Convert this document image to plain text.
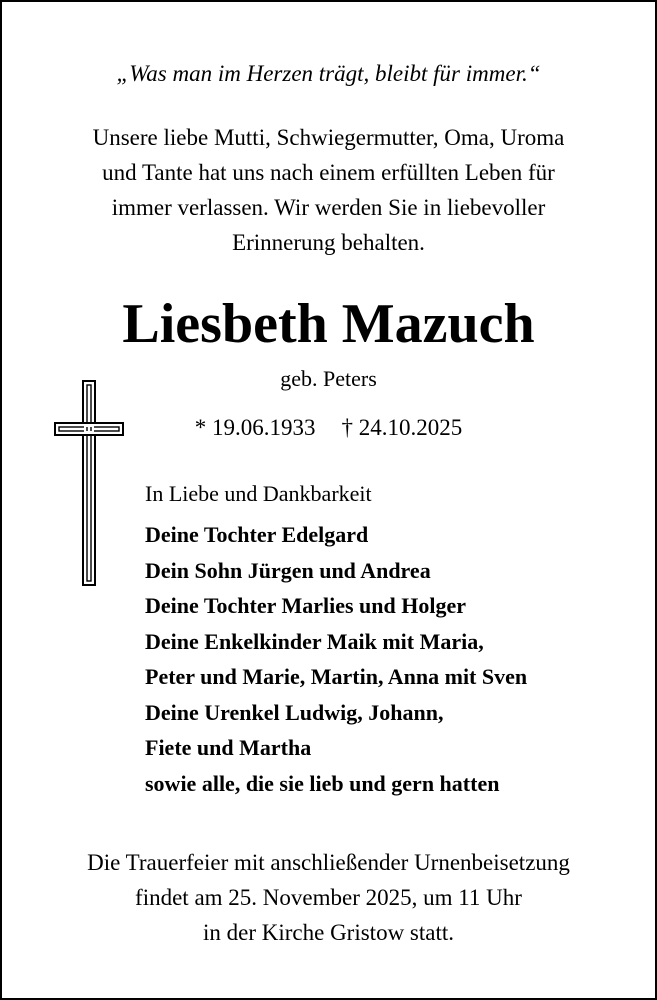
„Was man im Herzen trägt, bleibt für immer.“
Unsere liebe Mutti, Schwiegermutter, Oma, Uroma
und Tante hat uns nach einem erfüllten Leben für
immer verlassen. Wir werden Sie in liebevoller
Erinnerung behalten.
Liesbeth Mazuch
geb. Peters
* 19.06.1933 † 24.10.2025
In Liebe und Dankbarkeit
Deine Tochter Edelgard
Dein Sohn Jürgen und Andrea
Deine Tochter Marlies und Holger
Deine Enkelkinder Maik mit Maria,
Peter und Marie, Martin, Anna mit Sven
Deine Urenkel Ludwig, Johann,
Fiete und Martha
sowie alle, die sie lieb und gern hatten
Die Trauerfeier mit anschließender Urnenbeisetzung
findet am 25. November 2025, um 11 Uhr
in der Kirche Gristow statt.
